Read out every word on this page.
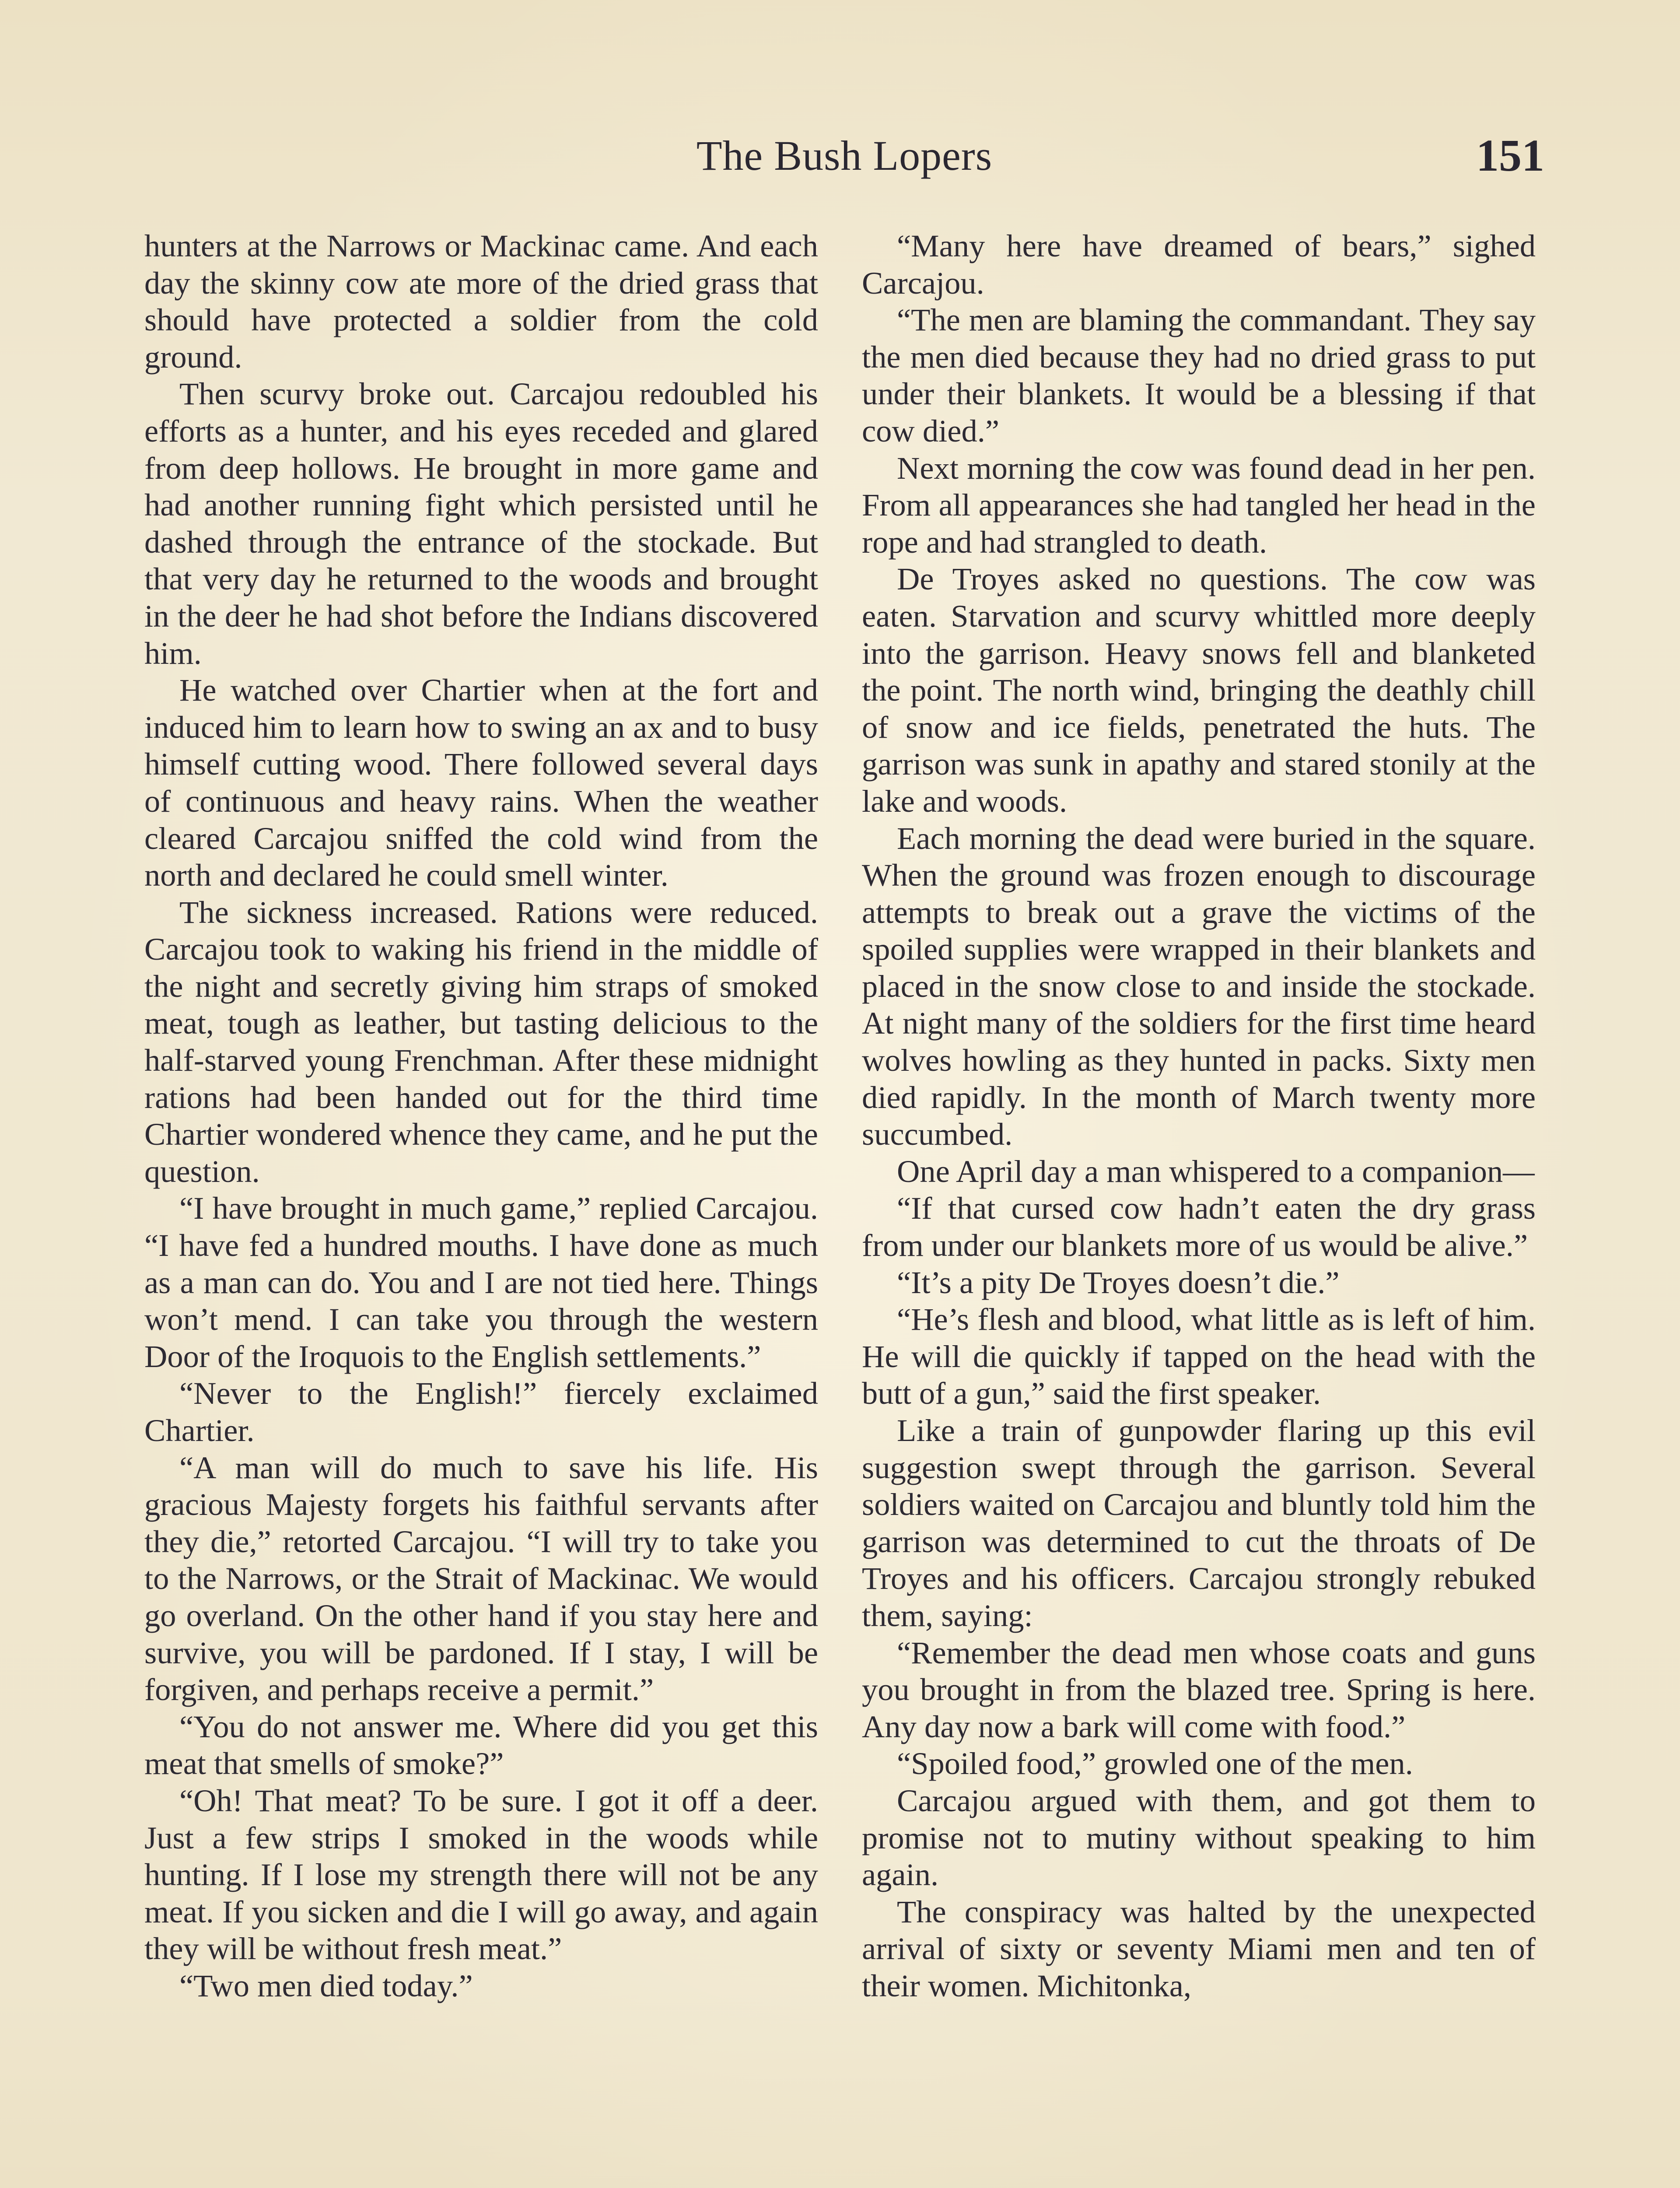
The Bush Lopers	151

hunters at the Narrows or Mackinac came. And each day the skinny cow ate more of the dried grass that should have protected a soldier from the cold ground.

Then scurvy broke out. Carcajou redoubled his efforts as a hunter, and his eyes receded and glared from deep hollows. He brought in more game and had another running fight which persisted until he dashed through the entrance of the stockade. But that very day he returned to the woods and brought in the deer he had shot before the Indians discovered him.

He watched over Chartier when at the fort and induced him to learn how to swing an ax and to busy himself cutting wood. There followed several days of continuous and heavy rains. When the weather cleared Carcajou sniffed the cold wind from the north and declared he could smell winter.

The sickness increased. Rations were reduced. Carcajou took to waking his friend in the middle of the night and secretly giving him straps of smoked meat, tough as leather, but tasting delicious to the half-starved young Frenchman. After these midnight rations had been handed out for the third time Chartier wondered whence they came, and he put the question.

“I have brought in much game,” replied Carcajou. “I have fed a hundred mouths. I have done as much as a man can do. You and I are not tied here. Things won’t mend. I can take you through the western Door of the Iroquois to the English settlements.”

“Never to the English!” fiercely exclaimed Chartier.

“A man will do much to save his life. His gracious Majesty forgets his faithful servants after they die,” retorted Carcajou. “I will try to take you to the Narrows, or the Strait of Mackinac. We would go overland. On the other hand if you stay here and survive, you will be pardoned. If I stay, I will be forgiven, and perhaps receive a permit.”

“You do not answer me. Where did you get this meat that smells of smoke?”

“Oh! That meat? To be sure. I got it off a deer. Just a few strips I smoked in the woods while hunting. If I lose my strength there will not be any meat. If you sicken and die I will go away, and again they will be without fresh meat.”

“Two men died today.”

“Many here have dreamed of bears,” sighed Carcajou.

“The men are blaming the commandant. They say the men died because they had no dried grass to put under their blankets. It would be a blessing if that cow died.”

Next morning the cow was found dead in her pen. From all appearances she had tangled her head in the rope and had strangled to death.

De Troyes asked no questions. The cow was eaten. Starvation and scurvy whittled more deeply into the garrison. Heavy snows fell and blanketed the point. The north wind, bringing the deathly chill of snow and ice fields, penetrated the huts. The garrison was sunk in apathy and stared stonily at the lake and woods.

Each morning the dead were buried in the square. When the ground was frozen enough to discourage attempts to break out a grave the victims of the spoiled supplies were wrapped in their blankets and placed in the snow close to and inside the stockade. At night many of the soldiers for the first time heard wolves howling as they hunted in packs. Sixty men died rapidly. In the month of March twenty more succumbed.

One April day a man whispered to a companion—

“If that cursed cow hadn’t eaten the dry grass from under our blankets more of us would be alive.”

“It’s a pity De Troyes doesn’t die.”

“He’s flesh and blood, what little as is left of him. He will die quickly if tapped on the head with the butt of a gun,” said the first speaker.

Like a train of gunpowder flaring up this evil suggestion swept through the garrison. Several soldiers waited on Carcajou and bluntly told him the garrison was determined to cut the throats of De Troyes and his officers. Carcajou strongly rebuked them, saying:

“Remember the dead men whose coats and guns you brought in from the blazed tree. Spring is here. Any day now a bark will come with food.”

“Spoiled food,” growled one of the men.

Carcajou argued with them, and got them to promise not to mutiny without speaking to him again.

The conspiracy was halted by the unexpected arrival of sixty or seventy Miami men and ten of their women. Michitonka,
